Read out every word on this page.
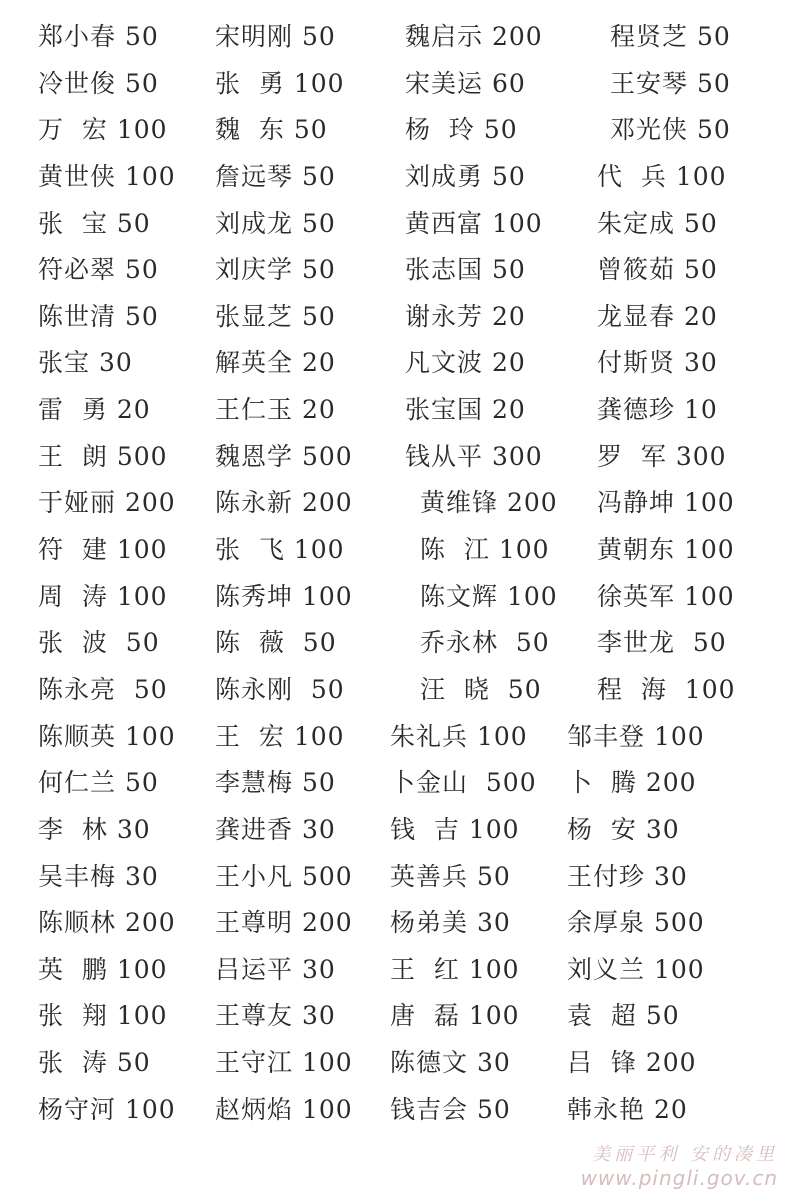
郑小春 50 宋明刚 50	魏启示 200	程贤芝 50
冷世俊 50 张  勇 100 宋美运 60	王安琴 50
万  宏 100 魏  东 50	杨  玲 50	邓光侠 50
黄世侠 100 詹远琴 50	刘成勇 50	代  兵 100
张  宝 50	刘成龙 50	黄西富 100 朱定成 50
符必翠 50 刘庆学 50	张志国 50	曾筱茹 50
陈世清 50 张显芝 50	谢永芳 20	龙显春 20
张宝 30	解英全 20	凡文波 20	付斯贤 30
雷  勇 20	王仁玉 20	张宝国 20	龚德珍 10
王  朗 500 魏恩学 500 钱从平 300 罗  军 300
于娅丽 200 陈永新 200	黄维锋 200 冯静坤 100
符  建 100 张  飞 100	陈  江 100 黄朝东 100
周  涛 100 陈秀坤 100	陈文辉 100 徐英军 100
张  波  50 陈  薇  50	乔永林  50 李世龙  50
陈永亮  50 陈永刚  50	汪  晓  50 程  海  100
陈顺英 100 王  宏 100 朱礼兵 100 邹丰登 100
何仁兰 50 李慧梅 50 卜金山  500 卜  腾 200
李  林 30	龚进香 30 钱  吉 100 杨  安 30
吴丰梅 30 王小凡 500 英善兵 50 王付珍 30
陈顺林 200 王尊明 200 杨弟美 30 余厚泉 500
英  鹏 100 吕运平 30 王  红 100 刘义兰 100
张  翔 100 王尊友 30 唐  磊 100 袁  超 50
张  涛 50	王守江 100 陈德文 30 吕  锋 200
杨守河 100 赵炳焰 100 钱吉会 50 韩永艳 20
美丽平利 安的凑里
www.pingli.gov.cn
